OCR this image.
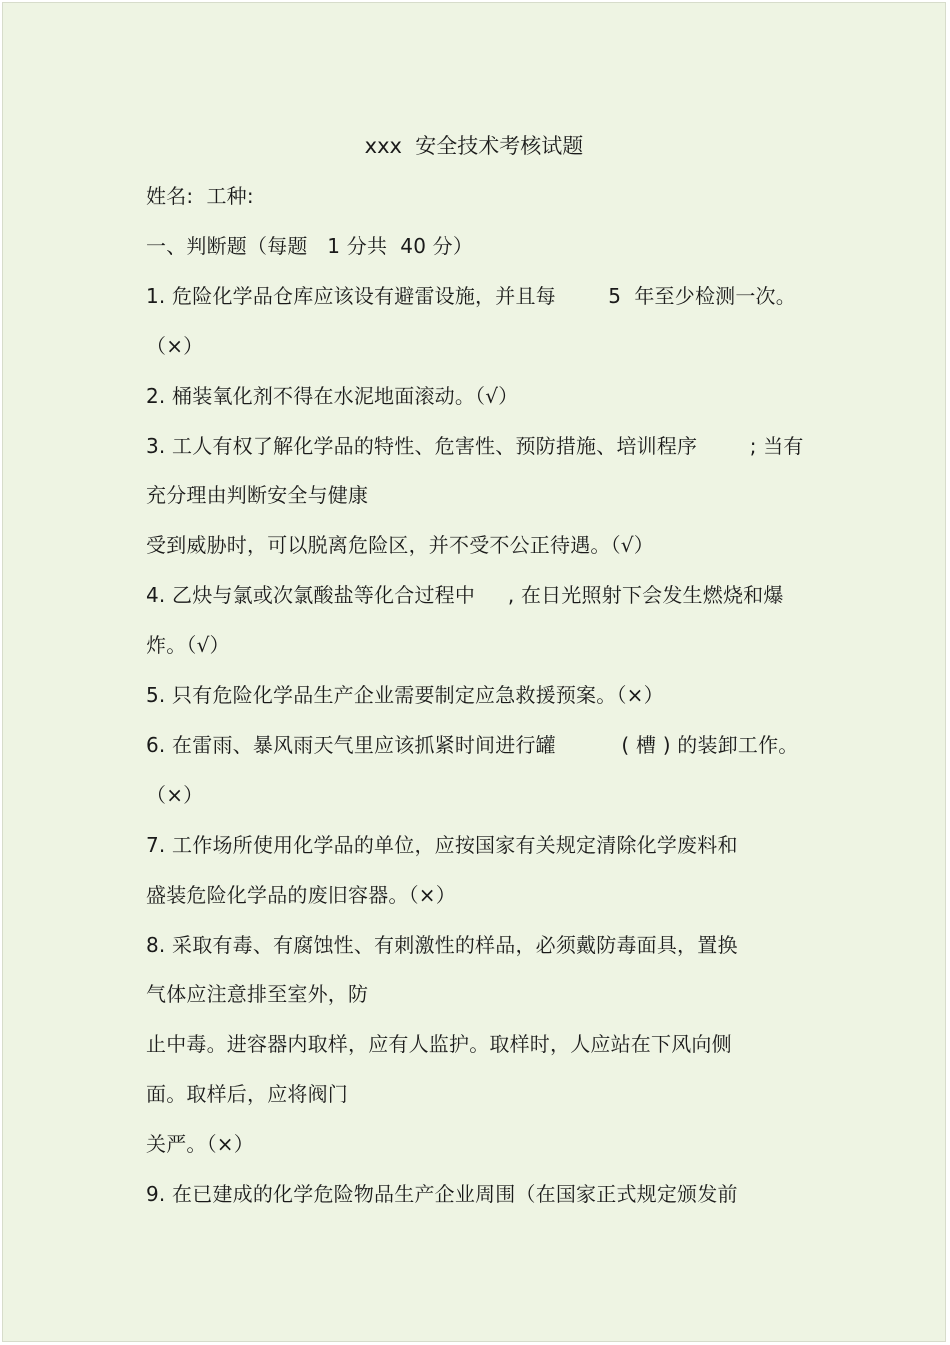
xxx  安全技术考核试题
姓名:  工种:
一、判断题（每题   1 分共  40 分）
1. 危险化学品仓库应该设有避雷设施，并且每        5  年至少检测一次。
（×）
2. 桶装氧化剂不得在水泥地面滚动。（√）
3. 工人有权了解化学品的特性、危害性、预防措施、培训程序        ; 当有
充分理由判断安全与健康
受到威胁时，可以脱离危险区，并不受不公正待遇。（√）
4. 乙炔与氯或次氯酸盐等化合过程中     , 在日光照射下会发生燃烧和爆
炸。（√）
5. 只有危险化学品生产企业需要制定应急救援预案。（×）
6. 在雷雨、暴风雨天气里应该抓紧时间进行罐          ( 槽 ) 的装卸工作。
（×）
7. 工作场所使用化学品的单位，应按国家有关规定清除化学废料和
盛装危险化学品的废旧容器。（×）
8. 采取有毒、有腐蚀性、有刺激性的样品，必须戴防毒面具，置换
气体应注意排至室外，防
止中毒。进容器内取样，应有人监护。取样时，人应站在下风向侧
面。取样后，应将阀门
关严。（×）
9. 在已建成的化学危险物品生产企业周围（在国家正式规定颁发前
